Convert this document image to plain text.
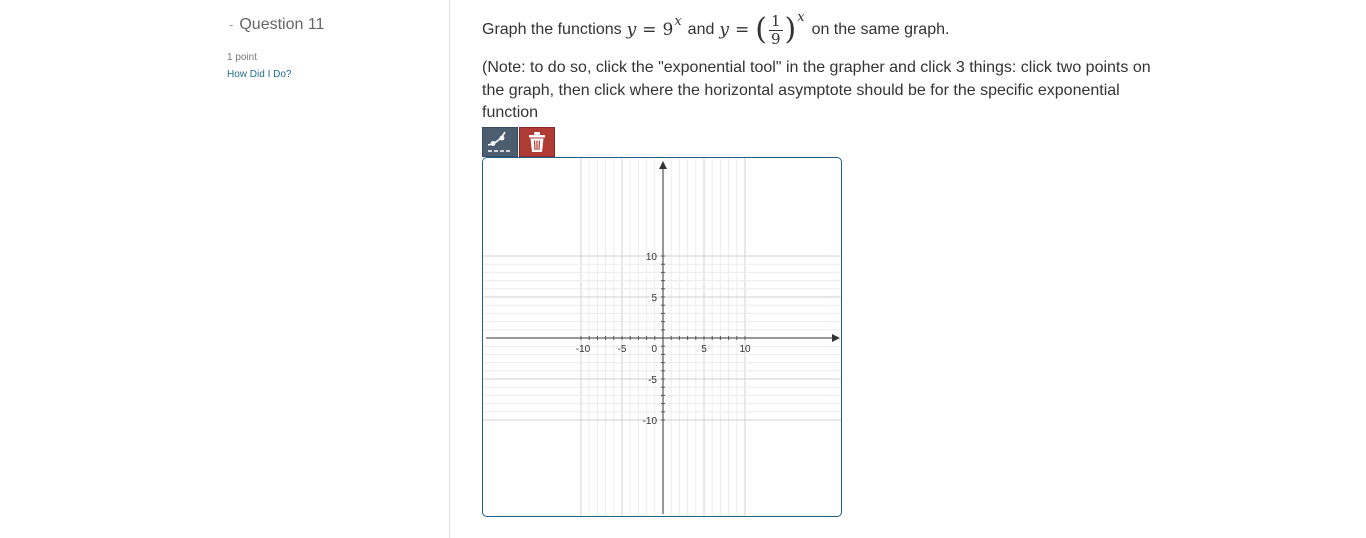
- Question 11
1 point
How Did I Do?
Graph the functions y = 9 x and y = ( $\frac{1}{9}$ ) x
on the same graph.
(Note: to do so, click the "exponential tool" in the grapher and click 3 things: click two points on the graph, then click where the horizontal asymptote should be for the specific exponential function
-10	-5 0	5	10
10
5
-5
-10
